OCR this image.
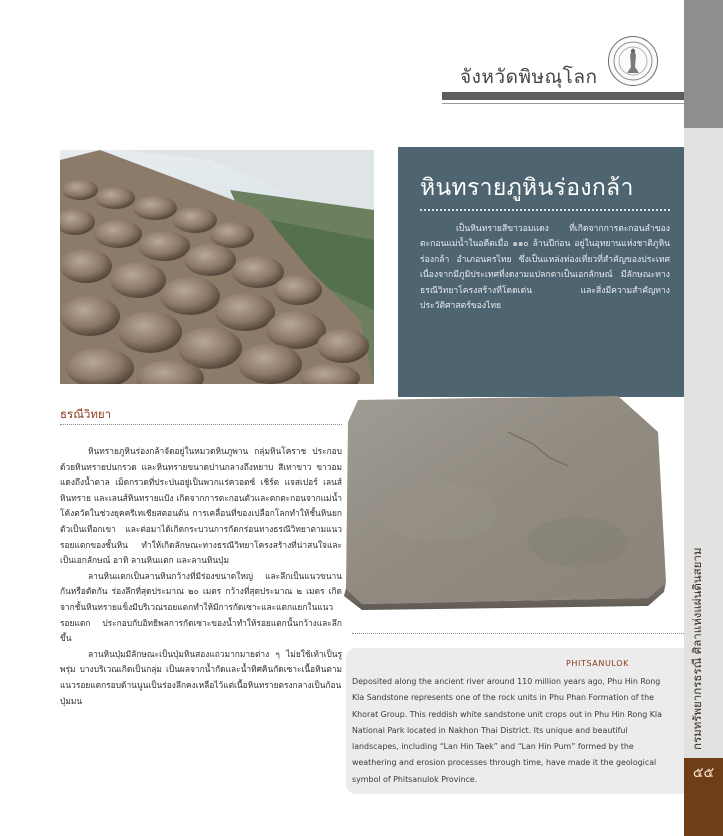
๕๕
กรมทรัพยากรธรณี ศิลาแห่งแผ่นดินสยาม
จังหวัดพิษณุโลก
หินทรายภูหินร่องกล้า
เป็นหินทรายสีขาวอมแดง ที่เกิดจากการตะกอนลำของตะกอนแม่น้ำในอดีตเมื่อ ๑๑๐ ล้านปีก่อน อยู่ในอุทยานแห่งชาติภูหินร่องกล้า อำเภอนครไทย ซึ่งเป็นแหล่งท่องเที่ยวที่สำคัญของประเทศ เนื่องจากมีภูมิประเทศที่งดงามแปลกตาเป็นเอกลักษณ์ มีลักษณะทางธรณีวิทยาโครงสร้างที่โดดเด่น และสิ่งมีความสำคัญทางประวัติศาสตร์ของไทย
ธรณีวิทยา

หินทรายภูหินร่องกล้าจัดอยู่ในหมวดหินภูพาน กลุ่มหินโคราช ประกอบด้วยหินทรายปนกรวด และหินทรายขนาดปานกลางถึงหยาบ สีเทาขาว ขาวอมแดงถึงน้ำตาล เม็ดกรวดที่ประปนอยู่เป็นพวกแร่ควอตซ์ เชิร์ต แจสเปอร์ เลนส์หินทราย และเลนส์หินทรายแป้ง เกิดจากการตะกอนตัวและตกตะกอนจากแม่น้ำโค้งตวัดในช่วงยุคครีเทเชียสตอนต้น การเคลื่อนที่ของเปลือกโลกทำให้ชั้นหินยกตัวเป็นเทือกเขา และต่อมาได้เกิดกระบวนการกัดกร่อนทางธรณีวิทยาตามแนวรอยแตกของชั้นหิน ทำให้เกิดลักษณะทางธรณีวิทยาโครงสร้างที่น่าสนใจและเป็นเอกลักษณ์ อาทิ ลานหินแตก และลานหินปุ่ม

ลานหินแตกเป็นลานหินกว้างที่มีร่องขนาดใหญ่ และลึกเป็นแนวขนานกันหรือตัดกัน ร่องลึกที่สุดประมาณ ๒๐ เมตร กว้างที่สุดประมาณ ๒ เมตร เกิดจากชั้นหินทรายแข็งมีบริเวณรอยแตกทำให้มีการกัดเซาะและแตกแยกในแนวรอยแตก ประกอบกับอิทธิพลการกัดเซาะของน้ำทำให้รอยแตกนั้นกว้างและลึกขึ้น

ลานหินปุ่มมีลักษณะเป็นปุ่มหินสองแถวมากมายต่าง ๆ ไม่ยใช้เท้าเป็นรูพรุ่ม บางบริเวณเกิดเป็นกลุ่ม เป็นผลจากน้ำกัดและน้ำทิศคินกัดเซาะเนื้อหินตามแนวรอยแตกรอบด้านนูนเป็นร่องลึกคงเหลือไว้แต่เนื้อหินทรายตรงกลางเป็นก้อนปุ่มมน

PHITSANULOK
Deposited along the ancient river around 110 million years ago, Phu Hin Rong Kla Sandstone represents one of the rock units in Phu Phan Formation of the Khorat Group. This reddish white sandstone unit crops out in Phu Hin Rong Kla National Park located in Nakhon Thai District. Its unique and beautiful landscapes, including “Lan Hin Taek” and “Lan Hin Pum” formed by the weathering and erosion processes through time, have made it the geological symbol of Phitsanulok Province.
